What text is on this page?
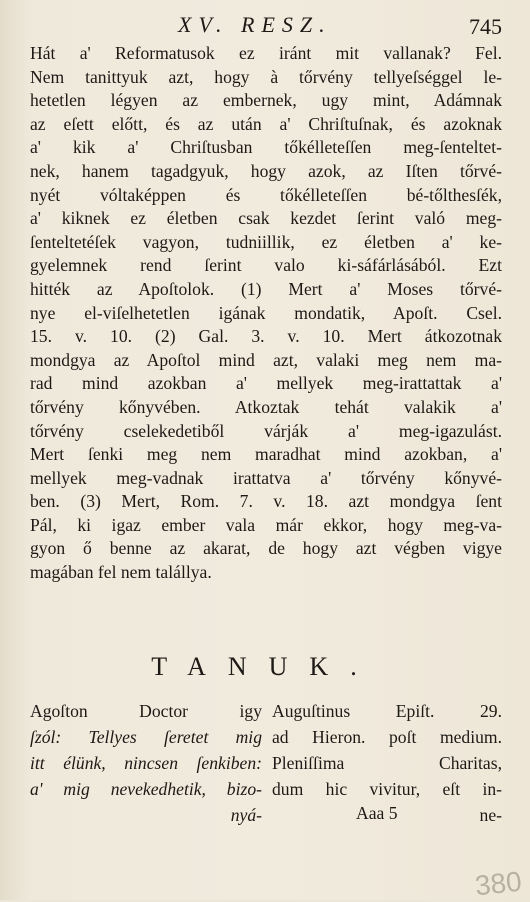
XV. RESZ.	745
Hát a' Reformatusok ez iránt mit vallanak? Fel.
Nem tanittyuk azt, hogy à tőrvény tellyeſséggel le-
hetetlen légyen az embernek, ugy mint, Adámnak
az eſett előtt, és az után a' Chriſtuſnak, és azoknak
a' kik a' Chriſtusban tőkélleteſſen meg-ſenteltet-
nek, hanem tagadgyuk, hogy azok, az Iſten tőrvé-
nyét vóltaképpen és tőkélleteſſen bé-tőlthesſék,
a' kiknek ez életben csak kezdet ſerint való meg-
ſenteltetéſek vagyon, tudniillik, ez életben a' ke-
gyelemnek rend ſerint valo ki-sáfárlásából. Ezt
hitték az Apoſtolok. (1) Mert a' Moses tőrvé-
nye el-viſelhetetlen igának mondatik, Apoſt. Csel.
15. v. 10. (2) Gal. 3. v. 10. Mert átkozotnak
mondgya az Apoſtol mind azt, valaki meg nem ma-
rad mind azokban a' mellyek meg-irattattak a'
tőrvény kőnyvében. Atkoztak tehát valakik a'
tőrvény cselekedetiből várják a' meg-igazulást.
Mert ſenki meg nem maradhat mind azokban, a'
mellyek meg-vadnak irattatva a' tőrvény kőnyvé-
ben. (3) Mert, Rom. 7. v. 18. azt mondgya ſent
Pál, ki igaz ember vala már ekkor, hogy meg-va-
gyon ő benne az akarat, de hogy azt végben vigye
magában fel nem talállya.
TANUK.
Agoſton Doctor igy
ſzól: Tellyes ſeretet mig
itt élünk, nincsen ſenkiben:
a' mig nevekedhetik, bizo-
nyá-
Auguſtinus Epiſt. 29.
ad Hieron. poſt medium.
Pleniſſima Charitas,
dum hic vivitur, eſt in-
ne-
Aaa 5
380
